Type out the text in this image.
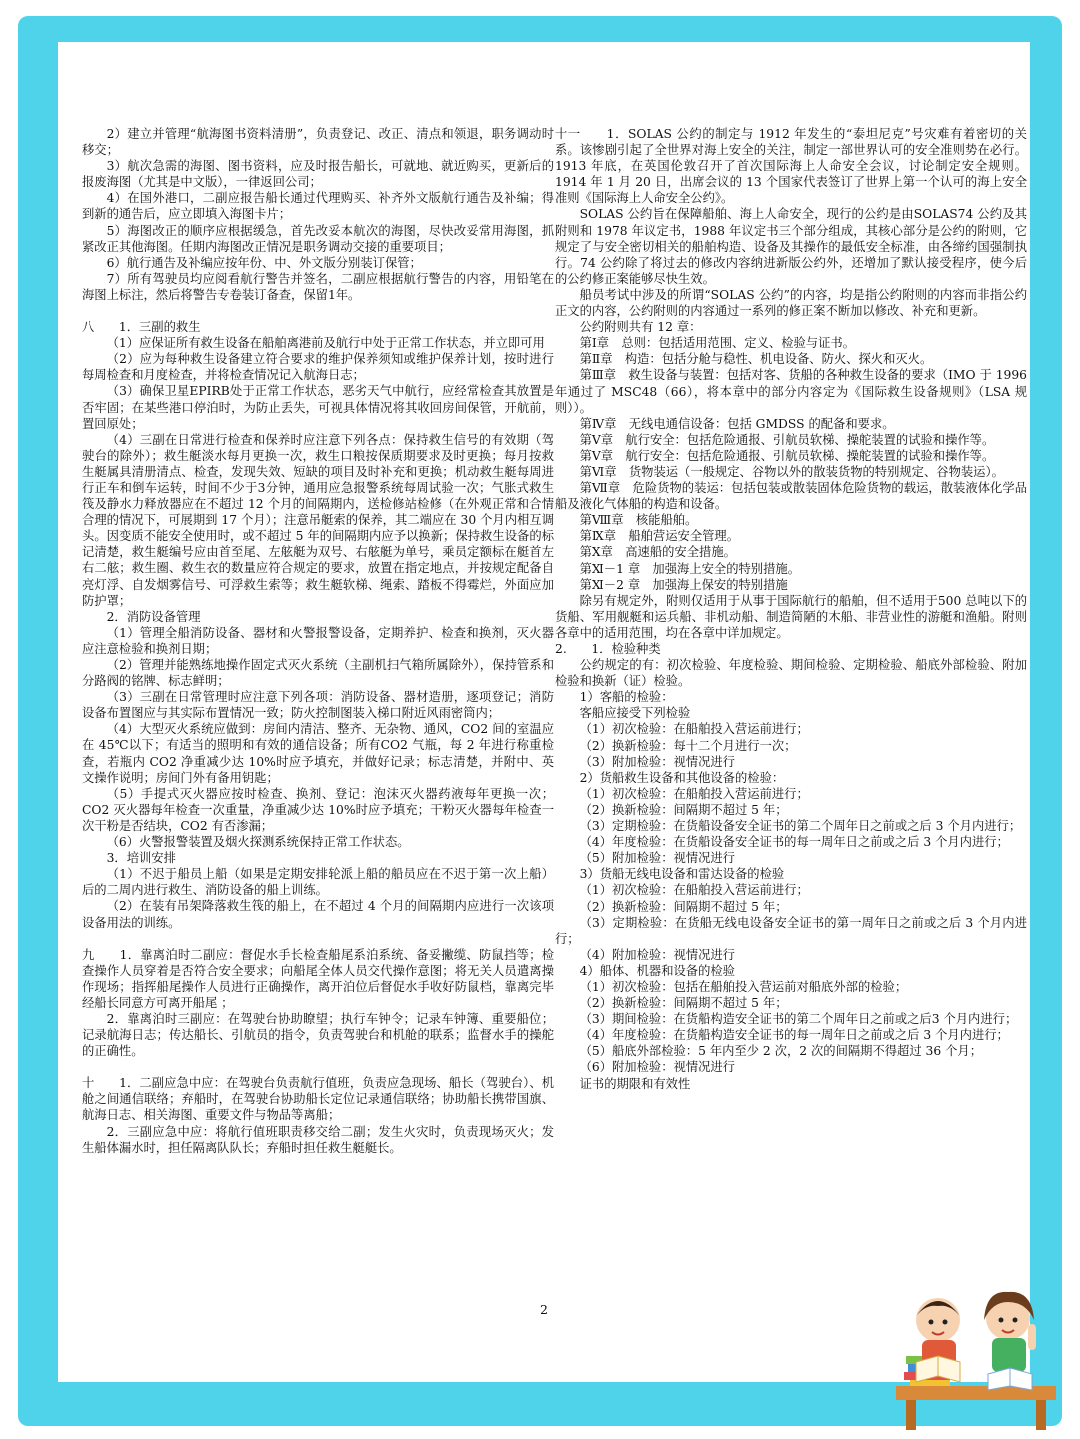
2）建立并管理“航海图书资料清册”，负责登记、改正、清点和领退，职务调动时移交；

3）航次急需的海图、图书资料，应及时报告船长，可就地、就近购买，更新后的报废海图（尤其是中文版），一律返回公司；

4）在国外港口，二副应报告船长通过代理购买、补齐外文版航行通告及补编；得到新的通告后，应立即填入海图卡片；

5）海图改正的顺序应根据缓急，首先改妥本航次的海图，尽快改妥常用海图，抓紧改正其他海图。任期内海图改正情况是职务调动交接的重要项目；

6）航行通告及补编应按年份、中、外文版分别装订保管；

7）所有驾驶员均应阅看航行警告并签名，二副应根据航行警告的内容，用铅笔在海图上标注，然后将警告专卷装订备查，保留1年。

八　　1．三副的救生

（1）应保证所有救生设备在船舶离港前及航行中处于正常工作状态，并立即可用

（2）应为每种救生设备建立符合要求的维护保养须知或维护保养计划，按时进行每周检查和月度检查，并将检查情况记入航海日志；

（3）确保卫星EPIRB处于正常工作状态，恶劣天气中航行，应经常检查其放置是否牢固；在某些港口停泊时，为防止丢失，可视具体情况将其收回房间保管，开航前，置回原处；

（4）三副在日常进行检查和保养时应注意下列各点：保持救生信号的有效期（驾驶台的除外）；救生艇淡水每月更换一次，救生口粮按保质期要求及时更换；每月按救生艇属具清册清点、检查，发现失效、短缺的项目及时补充和更换；机动救生艇每周进行正车和倒车运转，时间不少于3分钟，通用应急报警系统每周试验一次；气胀式救生筏及静水力释放器应在不超过 12 个月的间隔期内，送检修站检修（在外观正常和合情合理的情况下，可展期到 17 个月）；注意吊艇索的保养，其二端应在 30 个月内相互调头。因变质不能安全使用时，或不超过 5 年的间隔期内应予以换新；保持救生设备的标记清楚，救生艇编号应由首至尾、左舷艇为双号、右舷艇为单号，乘员定额标在艇首左右二舷；救生圈、救生衣的数量应符合规定的要求，放置在指定地点，并按规定配备自亮灯浮、自发烟雾信号、可浮救生索等；救生艇软梯、绳索、踏板不得霉烂，外面应加防护罩；

2．消防设备管理

（1）管理全船消防设备、器材和火警报警设备，定期养护、检查和换剂，灭火器应注意检验和换剂日期；

（2）管理并能熟练地操作固定式灭火系统（主副机扫气箱所属除外），保持管系和分路阀的铭牌、标志鲜明；

（3）三副在日常管理时应注意下列各项：消防设备、器材造册，逐项登记；消防设备布置图应与其实际布置情况一致；防火控制图装入梯口附近风雨密筒内；

（4）大型灭火系统应做到：房间内清洁、整齐、无杂物、通风，CO2 间的室温应在 45℃以下；有适当的照明和有效的通信设备；所有CO2 气瓶，每 2 年进行称重检查，若瓶内 CO2 净重减少达 10%时应予填充，并做好记录；标志清楚，并附中、英文操作说明；房间门外有备用钥匙；

（5）手提式灭火器应按时检查、换剂、登记：泡沫灭火器药液每年更换一次；CO2 灭火器每年检查一次重量，净重减少达 10%时应予填充；干粉灭火器每年检查一次干粉是否结块，CO2 有否渗漏；

（6）火警报警装置及烟火探测系统保持正常工作状态。

3．培训安排

（1）不迟于船员上船（如果是定期安排轮派上船的船员应在不迟于第一次上船）后的二周内进行救生、消防设备的船上训练。

（2）在装有吊架降落救生筏的船上，在不超过 4 个月的间隔期内应进行一次该项设备用法的训练。

九　　1．靠离泊时二副应：督促水手长检查船尾系泊系统、备妥撇缆、防鼠挡等；检查操作人员穿着是否符合安全要求；向船尾全体人员交代操作意图；将无关人员遣离操作现场；指挥船尾操作人员进行正确操作，离开泊位后督促水手收好防鼠档，靠离完毕经船长同意方可离开船尾 ；

2．靠离泊时三副应：在驾驶台协助瞭望；执行车钟令；记录车钟簿、重要船位；记录航海日志；传达船长、引航员的指令，负责驾驶台和机舱的联系；监督水手的操舵的正确性。

十　　1．二副应急中应：在驾驶台负责航行值班，负责应急现场、船长（驾驶台）、机舱之间通信联络；弃船时，在驾驶台协助船长定位记录通信联络；协助船长携带国旗、航海日志、相关海图、重要文件与物品等离船；

2．三副应急中应：将航行值班职责移交给二副；发生火灾时，负责现场灭火；发生船体漏水时，担任隔离队队长；弃船时担任救生艇艇长。

十一　　1．SOLAS 公约的制定与 1912 年发生的“泰坦尼克”号灾难有着密切的关系。该惨剧引起了全世界对海上安全的关注，制定一部世界认可的安全准则势在必行。1913 年底，在英国伦敦召开了首次国际海上人命安全会议，讨论制定安全规则。1914 年 1 月 20 日，出席会议的 13 个国家代表签订了世界上第一个认可的海上安全准则《国际海上人命安全公约》。

SOLAS 公约旨在保障船舶、海上人命安全，现行的公约是由SOLAS74 公约及其附则和 1978 年议定书，1988 年议定书三个部分组成，其核心部分是公约的附则，它规定了与安全密切相关的船舶构造、设备及其操作的最低安全标准，由各缔约国强制执行。74 公约除了将过去的修改内容纳进新版公约外，还增加了默认接受程序，使今后的公约修正案能够尽快生效。

船员考试中涉及的所谓“SOLAS 公约”的内容，均是指公约附则的内容而非指公约正文的内容，公约附则的内容通过一系列的修正案不断加以修改、补充和更新。

公约附则共有 12 章：

第Ⅰ章　总则：包括适用范围、定义、检验与证书。

第Ⅱ章　构造：包括分舱与稳性、机电设备、防火、探火和灭火。

第Ⅲ章　救生设备与装置：包括对客、货船的各种救生设备的要求（IMO 于 1996 年通过了 MSC48（66），将本章中的部分内容定为《国际救生设备规则》（LSA 规则））。

第Ⅳ章　无线电通信设备：包括 GMDSS 的配备和要求。

第Ⅴ章　航行安全：包括危险通报、引航员软梯、操舵装置的试验和操作等。

第Ⅴ章　航行安全：包括危险通报、引航员软梯、操舵装置的试验和操作等。

第Ⅵ章　货物装运（一般规定、谷物以外的散装货物的特别规定、谷物装运）。

第Ⅶ章　危险货物的装运：包括包装或散装固体危险货物的载运，散装液体化学品船及液化气体船的构造和设备。

第Ⅷ章　核能船舶。

第Ⅸ章　船舶营运安全管理。

第Ⅹ章　高速船的安全措施。

第Ⅺ－1 章　加强海上安全的特别措施。

第Ⅺ－2 章　加强海上保安的特别措施

除另有规定外，附则仅适用于从事于国际航行的船舶，但不适用于500 总吨以下的货船、军用舰艇和运兵船、非机动船、制造简陋的木船、非营业性的游艇和渔船。附则各章中的适用范围，均在各章中详加规定。

2.　　1．检验种类

公约规定的有：初次检验、年度检验、期间检验、定期检验、船底外部检验、附加检验和换新（证）检验。

1）客船的检验：

客船应接受下列检验

（1）初次检验：在船舶投入营运前进行；

（2）换新检验：每十二个月进行一次；

（3）附加检验：视情况进行

2）货船救生设备和其他设备的检验：

（1）初次检验：在船舶投入营运前进行；

（2）换新检验：间隔期不超过 5 年；

（3）定期检验：在货船设备安全证书的第二个周年日之前或之后 3 个月内进行；

（4）年度检验：在货船设备安全证书的每一周年日之前或之后 3 个月内进行；

（5）附加检验：视情况进行

3）货船无线电设备和雷达设备的检验

（1）初次检验：在船舶投入营运前进行；

（2）换新检验：间隔期不超过 5 年；

（3）定期检验：在货船无线电设备安全证书的第一周年日之前或之后 3 个月内进行；

（4）附加检验：视情况进行

4）船体、机器和设备的检验

（1）初次检验：包括在船舶投入营运前对船底外部的检验；

（2）换新检验：间隔期不超过 5 年；

（3）期间检验：在货船构造安全证书的第二个周年日之前或之后3 个月内进行；

（4）年度检验：在货船构造安全证书的每一周年日之前或之后 3 个月内进行；

（5）船底外部检验：5 年内至少 2 次，2 次的间隔期不得超过 36 个月；

（6）附加检验：视情况进行

证书的期限和有效性

2
